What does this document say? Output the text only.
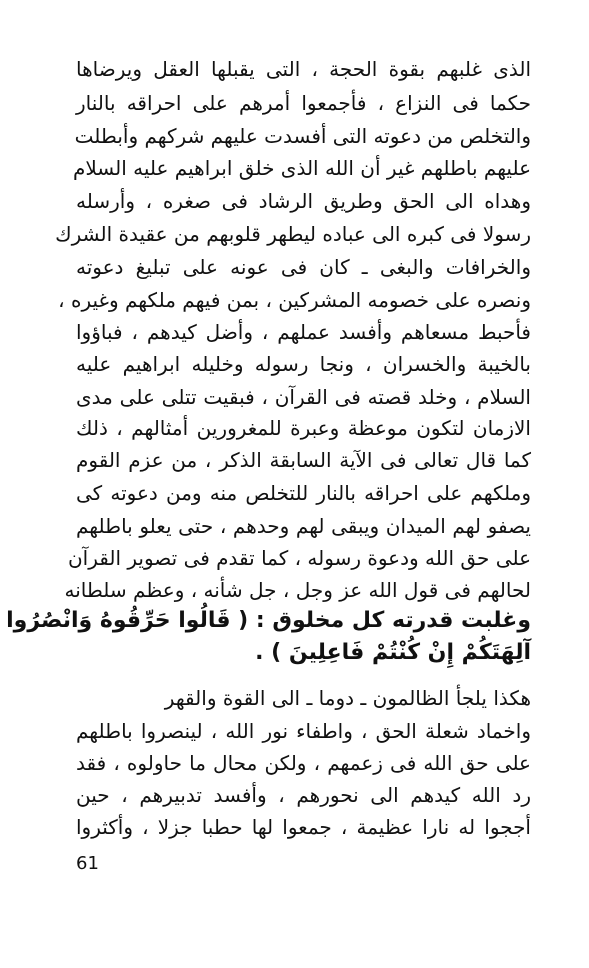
الذى غلبهم بقوة الحجة ، التى يقبلها العقل ويرضاها
حكما فى النزاع ، فأجمعوا أمرهم على احراقه بالنار
والتخلص من دعوته التى أفسدت عليهم شركهم وأبطلت
عليهم باطلهم غير أن الله الذى خلق ابراهيم عليه السلام
وهداه الى الحق وطريق الرشاد فى صغره ، وأرسله
رسولا فى كبره الى عباده ليطهر قلوبهم من عقيدة الشرك
والخرافات والبغى ـ كان فى عونه على تبليغ دعوته
ونصره على خصومه المشركين ، بمن فيهم ملكهم وغيره ،
فأحبط مسعاهم وأفسد عملهم ، وأضل كيدهم ، فباؤوا
بالخيبة والخسران ، ونجا رسوله وخليله ابراهيم عليه
السلام ، وخلد قصته فى القرآن ، فبقيت تتلى على مدى
الازمان لتكون موعظة وعبرة للمغرورين أمثالهم ، ذلك
كما قال تعالى فى الآية السابقة الذكر ، من عزم القوم
وملكهم على احراقه بالنار للتخلص منه ومن دعوته كى
يصفو لهم الميدان ويبقى لهم وحدهم ، حتى يعلو باطلهم
على حق الله ودعوة رسوله ، كما تقدم فى تصوير القرآن
لحالهم فى قول الله عز وجل ، جل شأنه ، وعظم سلطانه
وغلبت قدرته كل مخلوق : ( قَالُوا حَرِّقُوهُ وَانْصُرُوا
آلِهَتَكُمْ إِنْ كُنْتُمْ فَاعِلِينَ ) .
هكذا يلجأ الظالمون ـ دوما ـ الى القوة والقهر
واخماد شعلة الحق ، واطفاء نور الله ، لينصروا باطلهم
على حق الله فى زعمهم ، ولكن محال ما حاولوه ، فقد
رد الله كيدهم الى نحورهم ، وأفسد تدبيرهم ، حين
أججوا له نارا عظيمة ، جمعوا لها حطبا جزلا ، وأكثروا
61
